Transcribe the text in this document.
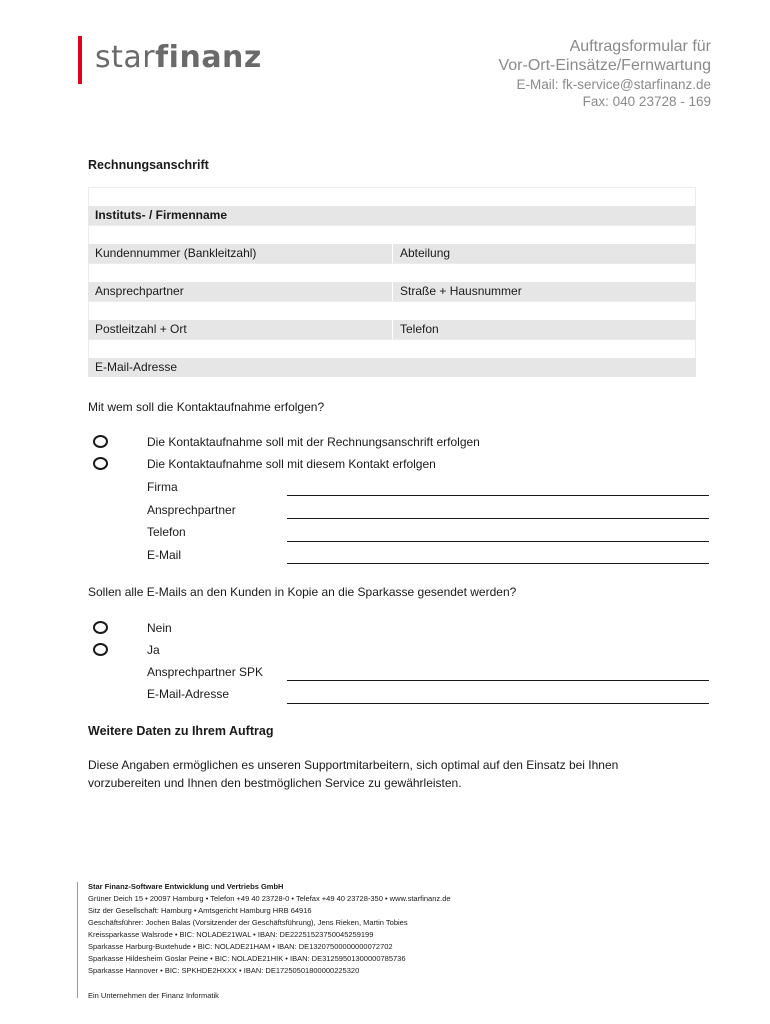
starfinanz	Auftragsformular für
Vor-Ort-Einsätze/Fernwartung
E-Mail: fk-service@starfinanz.de
Fax: 040 23728 - 169
Rechnungsanschrift
Instituts- / Firmenname
Kundennummer (Bankleitzahl)	Abteilung
Ansprechpartner	Straße + Hausnummer
Postleitzahl + Ort	Telefon
E-Mail-Adresse
Mit wem soll die Kontaktaufnahme erfolgen?
Die Kontaktaufnahme soll mit der Rechnungsanschrift erfolgen
Die Kontaktaufnahme soll mit diesem Kontakt erfolgen
Firma
Ansprechpartner
Telefon
E-Mail
Sollen alle E-Mails an den Kunden in Kopie an die Sparkasse gesendet werden?
Nein
Ja
Ansprechpartner SPK
E-Mail-Adresse
Weitere Daten zu Ihrem Auftrag
Diese Angaben ermöglichen es unseren Supportmitarbeitern, sich optimal auf den Einsatz bei Ihnen
vorzubereiten und Ihnen den bestmöglichen Service zu gewährleisten.
Star Finanz-Software Entwicklung und Vertriebs GmbH
Grüner Deich 15 • 20097 Hamburg • Telefon +49 40 23728-0 • Telefax +49 40 23728-350 • www.starfinanz.de
Sitz der Gesellschaft: Hamburg • Amtsgericht Hamburg HRB 64916
Geschäftsführer: Jochen Balas (Vorsitzender der Geschäftsführung), Jens Rieken, Martin Tobies
Kreissparkasse Walsrode • BIC: NOLADE21WAL • IBAN: DE22251523750045259199
Sparkasse Harburg-Buxtehude • BIC: NOLADE21HAM • IBAN: DE13207500000000072702
Sparkasse Hildesheim Goslar Peine • BIC: NOLADE21HIK • IBAN: DE31259501300000785736
Sparkasse Hannover • BIC: SPKHDE2HXXX • IBAN: DE17250501800000225320
Ein Unternehmen der Finanz Informatik
